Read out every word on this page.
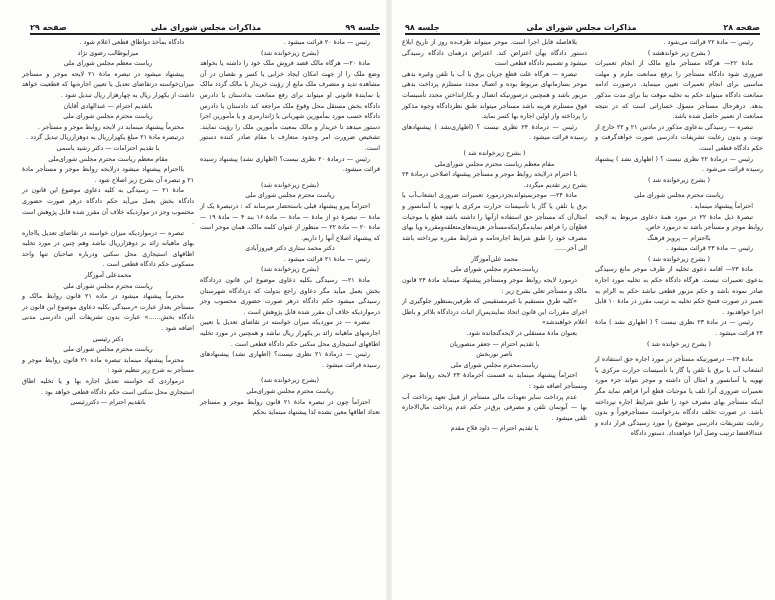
صفحه ۲۸
مذاکرات مجلس شورای ملی
جلسه ۹۸
رئیس — مادهٔ ۲۲ قرائت می‌شود .
( بشرح زیر خواندهشد )
مادهٔ ۲۲— هرگاه مستأجر مانع مالک از انجام تعمیرات ضروری شود دادگاه مستأجر را برفع ممانعت ملزم و مهلت مناسبی برای انجام تعمیرات تعیین مینماید. درصورت ادامه ممانعت دادگاه میتواند حکم به تخلیه موقت بنا برای مدت مذکور بدهد. درهرحال مستأجر مسؤل خساراتی است که در نتیجه ممانعت از تعمیر حاصل شده باشد.
تبصره — رسیدگی بدعاوی مذکور در مادتین ۲۱ و ۲۲ خارج از نوبت و بدون رعایت تشریفات دادرسی صورت خواهدگرفت و حکم دادگاه قطعی است.
رئیس — درمادهٔ ۲۲ نظری نیست ؟ ( اظهاری نشد ) پیشنهاد رسیده قرائت می‌شود .
( بشرح زیرخوانده شد )
ریاست محترم مجلس شورای ملی
احتراماً پیشنهاد مینماید .
تبصرهٔ ذیل مادهٔ ۲۲ در مورد همهٔ دعاوی مربوط به لایحه روابط موجر و مستأجر باشد نه درمورد خاص.
بااحترام — پرویز فرهنگ
رئیس — مادهٔ ۲۳ قرائت میشود .
( بشرح زیرخوانده شد )
مادهٔ ۲۳— اقامه دعوی تخلیه از طرف موجر مانع رسیدگی بدعوی تعمیرات نیست. هرگاه دادگاه حکم به تخلیه مورد اجاره صادر نموده باشد و حکم مزبور قطعی نباشد حکم به الزام به تعمیر در صورت فسخ حکم تخلیه به ترتیب مقرر در مادهٔ ۱۰ قابل اجرا خواهدبود .
رئیس — در مادهٔ ۲۳ نظری نیست ؟ ( اظهاری نشد ) مادهٔ ۲۴ قرائت میشود .
( بشرح زیر خوانده شد )
مادهٔ ۲۴— درصورتیکه مستأجر در مورد اجاره حق استفاده از انشعاب آب یا برق یا تلفن یا گاز یا تأسیسات حرارت مرکزی یا تهویه یا آسانسور و امثال آن داشته و موجر نتواند جزء مورد تعمیرات ضروری آنرا تلف یا موجبات قطع آنرا فراهم نماید مگر اینکه مستأجر بهای مصرف خود را طبق شرایط اجاره نپرداخته باشد. در صورت تخلف دادگاه بدرخواست مستأجرفوراً و بدون رعایت تشریفات دادرسی موضوع را مورد رسیدگی قرار داده و عندالاقتضا ترتیب وصل آنرا خواهدداد. دستور دادگاه
بلافاصله قابل اجرا است. موجر میتواند ظرف‌ده روز از تاریخ ابلاغ دستور دادگاه بهآن اعتراض کند. اعتراض درهمان دادگاه رسیدگی میشود و تصمیم دادگاه قطعی است
تبصره — هرگاه علت قطع جریان برق یا آب یا تلفن وغیره بدهی موجر بسازمانهای مربوط بوده و اتصال مجدد مستلزم پرداخت بدهی مزبور باشد و همچنین درصورتیکه اتصال و بکارانداختن مجدد تأسیسات فوق مستلزم هزینه باشد مستأجر میتواند طبق نظردادگاه وجوه مذکور را پرداخته واز اولین اجاره بها کسر نماید.
رئیس — درمادهٔ ۲۴ نظری نیست ؟ (اظهاری‌نشد ) پیشنهادهای رسیده قرائت میشود .
( بشرح زیرخوانده شد )
مقام معظم ریاست محترم مجلس شورای‌ملی
با احترام درلایحه روابط موجر و مستأجر پیشنهاد اصلاحی درمادهٔ ۲۴ بشرح زیر تقدیم میگردد.
مادهٔ ۲۴— موجرنمیتواندبجزدرمورد تعمیرات ضروری انشعاب‌آب یا برق یا تلفن یا گاز یا تأسیسات حرارت مرکزی یا تهویه یا آسانسور و امثال‌آن که مستأجر حق استفاده ازآنها را داشته باشد قطع یا موجبات قطع‌آن را فراهم نماید‌مگراینکه‌مستأجر هزینه‌های‌متعلقه‌ومقرره ویا بهای مصرف خود را طبق شرایط اجاره‌نامه و شرایط مقرره نپرداخته باشد الی آخر......
محمد علی‌آموزگار
ریاست‌محترم مجلس شورای ملی
درمورد لایحه روابط موجر ومستأجر پیشنهاد مینماید مادهٔ ۲۴ قانون مالک و مستأجر تعلی بشرح زیر :
«کلیه طرق مستقیم یا غیرمستقیمی که طرفین‌بمنظور جلوگیری از اجرای مقررات این قانون اتخاذ نمایندپس‌از اثبات دردادگاه بلااثر و باطل اعلام خواهندشد»
بعنوان مادهٔ مستقلی در لایحه‌گنجانده شود.
با تقدیم احترام — جعفر منصوریان
ناصر نوربخش
ریاست‌محترم مجلس شورای ملی
احتراماً پیشنهاد مینماید به قسمت آخرمادهٔ ۲۴ لایحه روابط موجر ومستأجر اضافه شود :
عدم پرداخت سایر تعهدات مالی مستأجر از قبیل تعهد پرداخت آب بها — آبونمان تلفن و مصرفی برق‌در حکم عدم پرداخت مال‌الاجاره تلقی میشود .
با تقدیم احترام — داود فلاح مقدم
جلسه ۹۹
مذاکرات مجلس شورای ملی
صفحه ۲۹
رئیس — مادهٔ ۲۰ قرائت میشود .
(بشرح زیرخوانده شد)
مادهٔ ۲۰— هرگاه مالک قصد فروش ملک خود را داشته یا بخواهد وضع ملک را از جهت امکان ایجاد خرابی یا کسر و نقصان در آن مشاهده تدید و متصرف ملک مانع از رؤیت خریدار یا مالک گردد مالک یا نمایندهٔ قانونی او میتواند برای رفع ممانعت بدادستان یا دادرس دادگاه بخش مستقل محل وقوع ملک مراجعه کند دادستان یا دادرس دادگاه حسب مورد بمأمورین شهربانی یا ژاندارمری و یا مأمورین اجرا دستور میدهد تا خریدار و مالک بمعیت مأمورین ملک را رؤیت نمایند. تشخیص ضرورت امر وحدود متعارف با مقام صادر کننده دستور است.
رئیس — درمادهٔ ۲۰ نظری نیست؟ (اظهاری نشد) پیشنهاد رسیده قرائت میشود.
(بشرح زیرخوانده شد)
ریاست محترم مجلس شورای ملی
احتراماً پیرو پیشنهاد قبلی باستحضار میرساند که : درتبصرهٔ یک از مادهٔ — تبصرهٔ دو از مادهٔ — مادهٔ — مادهٔ ۱۶ بند ۴ — مادهٔ ۱۹ — مادهٔ ۲۰ — مادهٔ ۲۲ — منظور از عنوان کلمه مالک، همان موجر است که پیشنهاد اصلاح آنها را داریم.
دکتر محمد ستاری دکتر فیروزآبادی
رئیس — مادهٔ ۲۱ قرائت میشود .
(بشرح زیرخوانده شد)
مادهٔ ۲۱— رسیدگی بکلیه دعاوی موضوع این قانون دردادگاه بخش بعمل میآید مگر دعاوی راجع بدولت که دردادگاه شهرستان رسیدگی میشود حکم دادگاه درهر صورت حضوری محسوب وجز درمواردیکه خلاف آن مقرر شده قابل پژوهش است .
تبصره — در موردیکه میزان خواسته در تقاضای تعدیل یا تعیین اجاره‌بهای ماهیانه زائد بر یکهزار ریال نباشد و همچنین در مورد تخلیه اطاقهای استیجاری محل سکنی حکم دادگاه قطعی است .
رئیس — درمادهٔ ۲۱ نظری نیست؟ (اظهاری نشد) پیشنهادهای رسیده قرائت میشود .
(بشرح زیرخوانده شد)
ریاست محترم مجلس شورای‌ملی
احتراماً چون در تبصره مادهٔ ۲۱ قانون روابط موجر و مستاجر تعداد اطاقها معین نشده لذا پیشنهاد مینماید بحکم
دادگاه بمأخذ دواطاق قطعی اعلام شود .
میرابوطالب رضوی نژاد
ریاست معظم مجلس شورای ملی
پیشنهاد میشود در تبصره مادهٔ ۲۱ لایحه موجر و مستأجر میزان‌خواسته درتقاضای تعدیل یا تعیین اجاره‌بها که قطعیت خواهد داشت از یکهزار ریال به چهارهزار ریال تبدیل شود .
باتقدیم احترام — عبدالهادی آقایان
ریاست محترم مجلس شورای ملی
محترماً پیشنهاد مینماید در لایحه روابط موجر و مستأجر .
درتبصره مادهٔ ۲۱ مبلغ یکهزارریال به دوهزارریال تبدیل گردد .
با تقدیم احترامات — دکتر رشید یاسمی
مقام معظم ریاست محترم مجلس شورای‌ملی
بااحترام پیشنهاد میشود درلایحه روابط موجر و مستأجر مادهٔ ۲۱ و تبصره آن بشرح زیر اصلاح شود .
مادهٔ ۲۱ — رسیدگی به کلیه دعاوی موضوع این قانون در دادگاه بخش بعمل می‌آید حکم دادگاه درهر صورت حضوری محسوب وجز در مواردیکه خلاف آن مقرر شده قابل پژوهش است .
تبصره — درمواردیکه میزان خواسته در تقاضای تعدیل یااجاره بهای ماهیانه زائد بر دوهزارریال نباشد وهم چنین در مورد تخلیه اطاقهای استیجاری محل سکنی ودرباره صاحبان تنها واحد مسکونی حکم دادگاه قطعی است .
محمدعلی آموزگار
ریاست محترم مجلس شورای ملی
محترماً پیشنهاد میشود در ماده ۲۱ قانون روابط مالک و مستأجر بعداز عبارت «رسیدگی بکلیه دعاوی موضوع این قانون در دادگاه بخش......» عبارت بدون تشریفات آئین دادرسی مدنی اضافه شود .
دکتر رئیسی
ریاست محترم مجلس شورای ملی
محترماً پیشنهاد مینماید تبصره ماده ۲۱ قانون روابط موجر و مستأجر به شرح زیر تنظیم شود :
درمواردی که خواسته تعدیل اجاره بها و یا تخلیه اطاق استیجاری محل سکنی است حکم دادگاه قطعی خواهد بود .
باتقدیم احترام — دکتررئیسی
